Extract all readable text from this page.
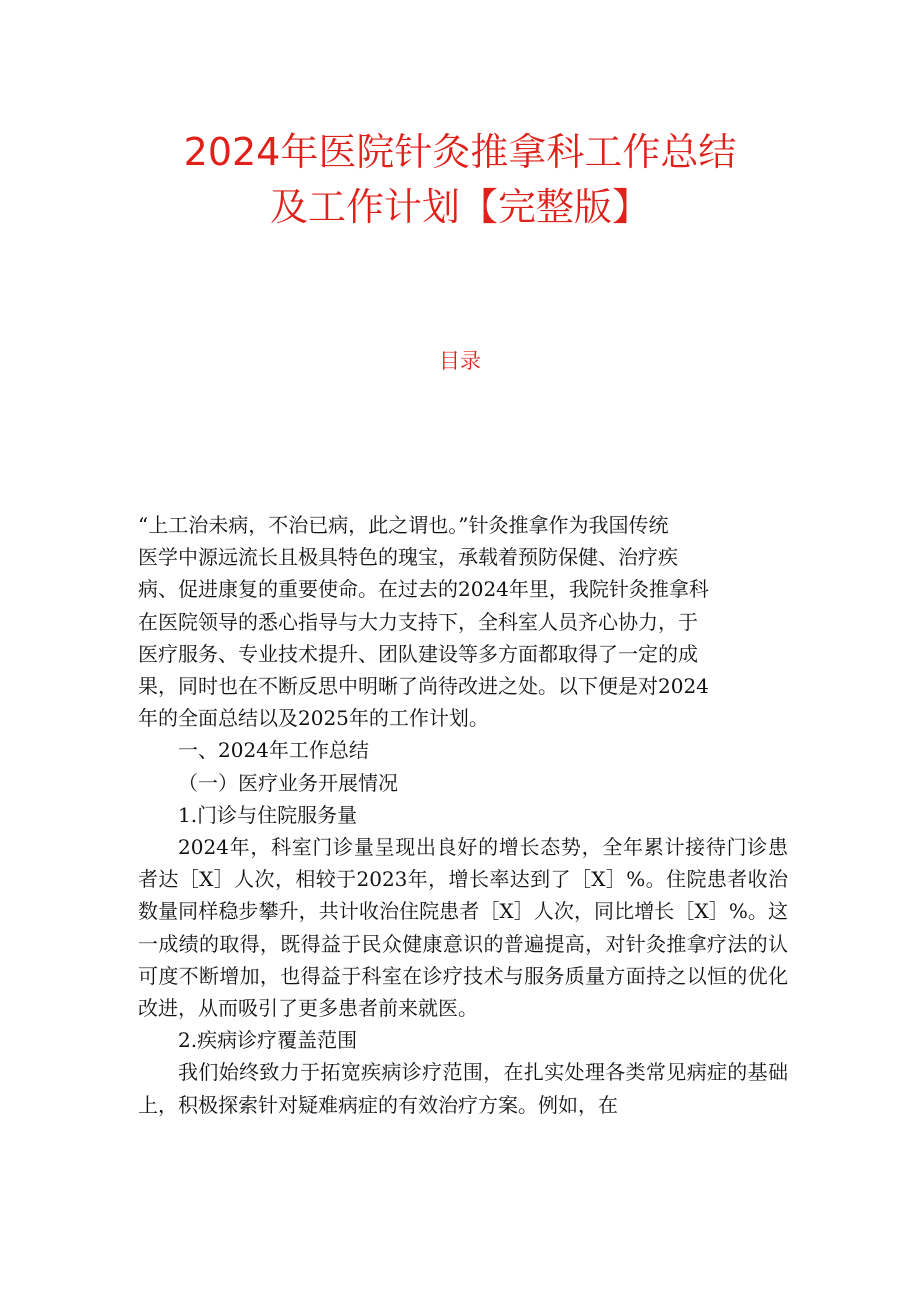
2024年医院针灸推拿科工作总结
及工作计划【完整版】
目录

“上工治未病，不治已病，此之谓也。”针灸推拿作为我国传统
医学中源远流长且极具特色的瑰宝，承载着预防保健、治疗疾
病、促进康复的重要使命。在过去的2024年里，我院针灸推拿科
在医院领导的悉心指导与大力支持下，全科室人员齐心协力，于
医疗服务、专业技术提升、团队建设等多方面都取得了一定的成
果，同时也在不断反思中明晰了尚待改进之处。以下便是对2024
年的全面总结以及2025年的工作计划。

一、2024年工作总结

（一）医疗业务开展情况

1.门诊与住院服务量

2024年，科室门诊量呈现出良好的增长态势，全年累计接待门诊患者达［X］人次，相较于2023年，增长率达到了［X］%。住院患者收治数量同样稳步攀升，共计收治住院患者［X］人次，同比增长［X］%。这一成绩的取得，既得益于民众健康意识的普遍提高，对针灸推拿疗法的认可度不断增加，也得益于科室在诊疗技术与服务质量方面持之以恒的优化改进，从而吸引了更多患者前来就医。

2.疾病诊疗覆盖范围

我们始终致力于拓宽疾病诊疗范围，在扎实处理各类常见病症的基础上，积极探索针对疑难病症的有效治疗方案。例如，在
